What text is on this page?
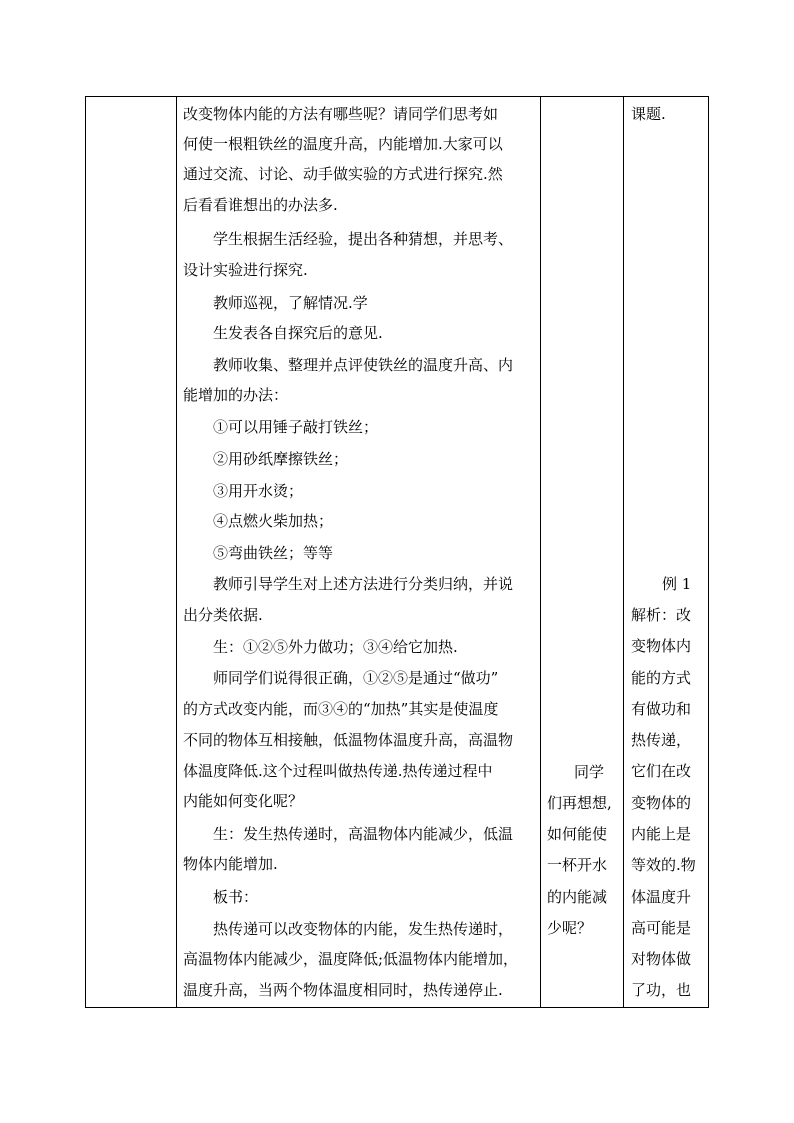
改变物体内能的方法有哪些呢？请同学们思考如
何使一根粗铁丝的温度升高，内能增加.大家可以
通过交流、讨论、动手做实验的方式进行探究.然
后看看谁想出的办法多.
学生根据生活经验，提出各种猜想，并思考、
设计实验进行探究.
教师巡视，了解情况.学
生发表各自探究后的意见.
教师收集、整理并点评使铁丝的温度升高、内
能增加的办法：
①可以用锤子敲打铁丝；
②用砂纸摩擦铁丝；
③用开水烫；
④点燃火柴加热；
⑤弯曲铁丝；等等
教师引导学生对上述方法进行分类归纳，并说
出分类依据.
生：①②⑤外力做功；③④给它加热.
师同学们说得很正确，①②⑤是通过“做功”
的方式改变内能，而③④的“加热”其实是使温度
不同的物体互相接触，低温物体温度升高，高温物
体温度降低.这个过程叫做热传递.热传递过程中
内能如何变化呢？
生：发生热传递时，高温物体内能减少，低温
物体内能增加.
板书：
热传递可以改变物体的内能，发生热传递时，
高温物体内能减少，温度降低;低温物体内能增加，
温度升高，当两个物体温度相同时，热传递停止.
同学
们再想想,
如何能使
一杯开水
的内能减
少呢？
课题.
例 1
解析：改
变物体内
能的方式
有做功和
热传递，
它们在改
变物体的
内能上是
等效的.物
体温度升
高可能是
对物体做
了功，也
